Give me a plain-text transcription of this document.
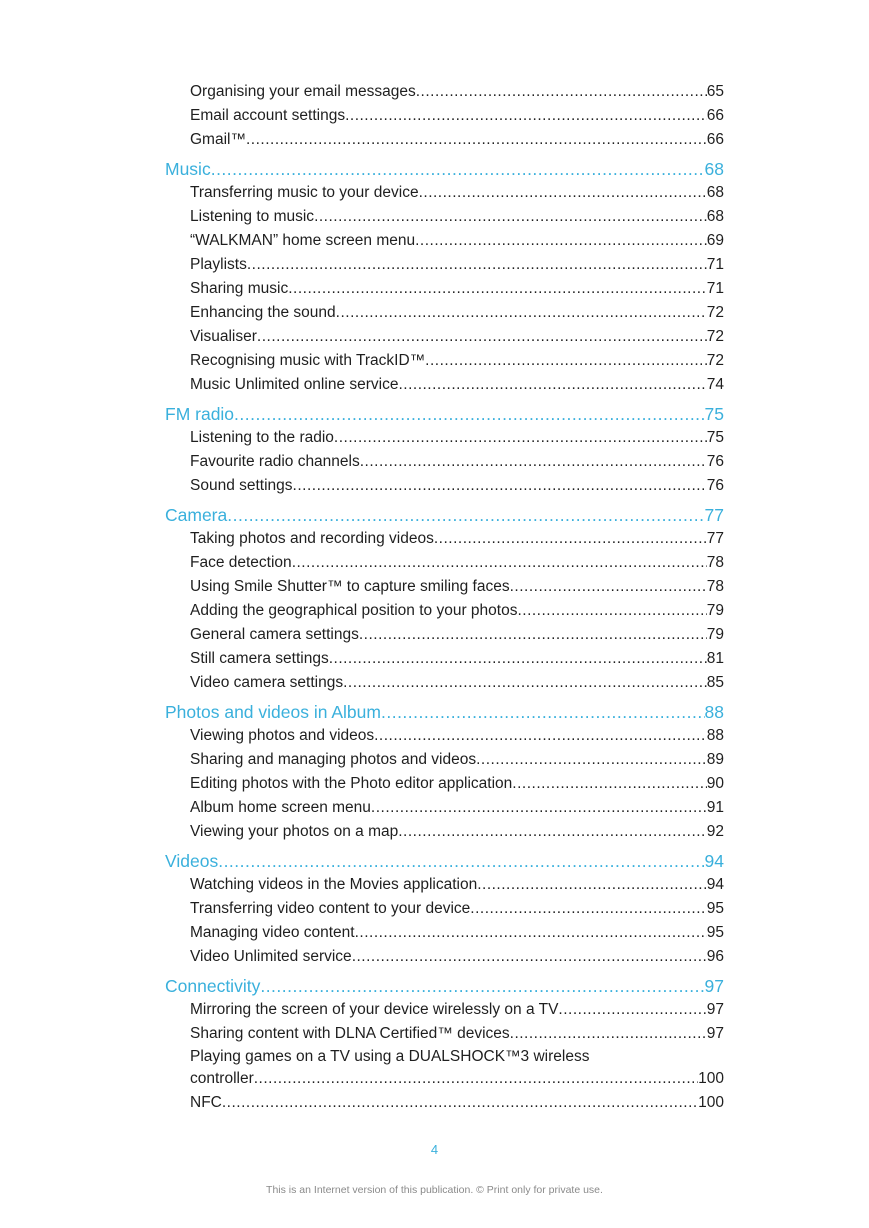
Organising your email messages .....	65
Email account settings .....	66
Gmail™ .....	66
Music .....	68
Transferring music to your device .....	68
Listening to music .....	68
“WALKMAN” home screen menu .....	69
Playlists .....	71
Sharing music .....	71
Enhancing the sound .....	72
Visualiser .....	72
Recognising music with TrackID™ .....	72
Music Unlimited online service .....	74
FM radio .....	75
Listening to the radio .....	75
Favourite radio channels .....	76
Sound settings .....	76
Camera .....	77
Taking photos and recording videos .....	77
Face detection .....	78
Using Smile Shutter™ to capture smiling faces .....	78
Adding the geographical position to your photos .....	79
General camera settings .....	79
Still camera settings .....	81
Video camera settings .....	85
Photos and videos in Album .....	88
Viewing photos and videos .....	88
Sharing and managing photos and videos .....	89
Editing photos with the Photo editor application .....	90
Album home screen menu .....	91
Viewing your photos on a map .....	92
Videos .....	94
Watching videos in the Movies application .....	94
Transferring video content to your device .....	95
Managing video content .....	95
Video Unlimited service .....	96
Connectivity .....	97
Mirroring the screen of your device wirelessly on a TV .....	97
Sharing content with DLNA Certified™ devices .....	97
Playing games on a TV using a DUALSHOCK™3 wireless
controller .....	100
NFC .....	100
4
This is an Internet version of this publication. © Print only for private use.
